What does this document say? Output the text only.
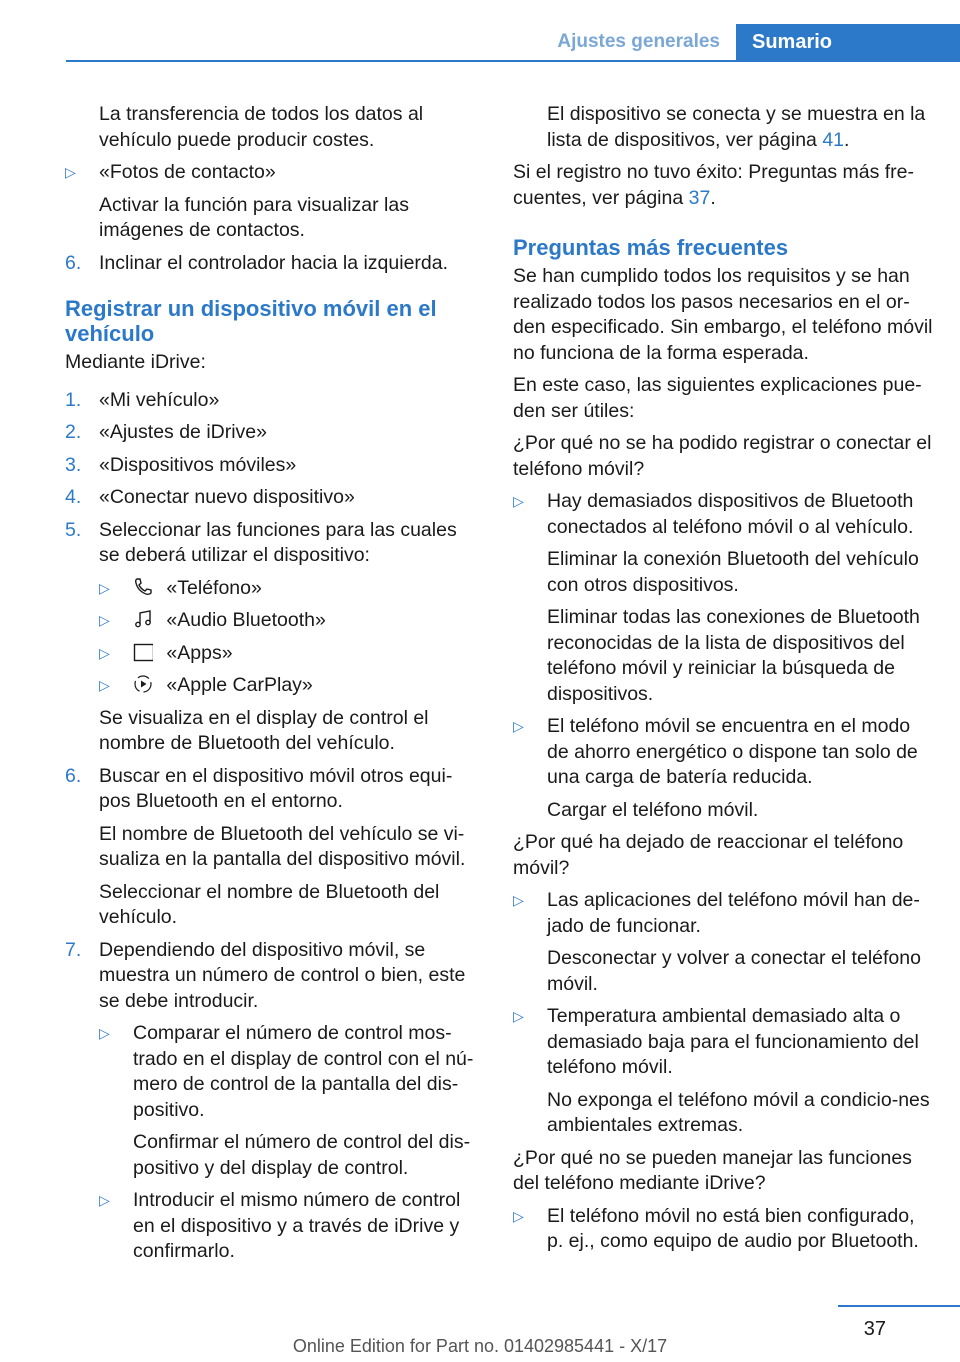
Ajustes generales	Sumario

La transferencia de todos los datos al vehículo puede producir costes.

▷ «Fotos de contacto»

Activar la función para visualizar las imágenes de contactos.

6. Inclinar el controlador hacia la izquierda.
Registrar un dispositivo móvil en el vehículo

Mediante iDrive:

1. «Mi vehículo»
2. «Ajustes de iDrive»
3. «Dispositivos móviles»
4. «Conectar nuevo dispositivo»
5. Seleccionar las funciones para las cuales se deberá utilizar el dispositivo:
▷	«Teléfono»
▷	«Audio Bluetooth»
▷	«Apps»
▷	«Apple CarPlay»

Se visualiza en el display de control el nombre de Bluetooth del vehículo.

6. Buscar en el dispositivo móvil otros equi‐pos Bluetooth en el entorno.

El nombre de Bluetooth del vehículo se vi‐sualiza en la pantalla del dispositivo móvil.

Seleccionar el nombre de Bluetooth del vehículo.

7. Dependiendo del dispositivo móvil, se muestra un número de control o bien, este se debe introducir.
▷ Comparar el número de control mos‐trado en el display de control con el nú‐mero de control de la pantalla del dis‐positivo.

Confirmar el número de control del dis‐positivo y del display de control.

▷ Introducir el mismo número de control en el dispositivo y a través de iDrive y confirmarlo.

El dispositivo se conecta y se muestra en la lista de dispositivos, ver página 41.

Si el registro no tuvo éxito: Preguntas más fre‐cuentes, ver página 37.

Preguntas más frecuentes

Se han cumplido todos los requisitos y se han realizado todos los pasos necesarios en el or‐den especificado. Sin embargo, el teléfono móvil no funciona de la forma esperada.

En este caso, las siguientes explicaciones pue‐den ser útiles:

¿Por qué no se ha podido registrar o conectar el teléfono móvil?

▷ Hay demasiados dispositivos de Bluetooth conectados al teléfono móvil o al vehículo.

Eliminar la conexión Bluetooth del vehículo con otros dispositivos.

Eliminar todas las conexiones de Bluetooth reconocidas de la lista de dispositivos del teléfono móvil y reiniciar la búsqueda de dispositivos.

▷ El teléfono móvil se encuentra en el modo de ahorro energético o dispone tan solo de una carga de batería reducida.

Cargar el teléfono móvil.

¿Por qué ha dejado de reaccionar el teléfono móvil?

▷ Las aplicaciones del teléfono móvil han de‐jado de funcionar.

Desconectar y volver a conectar el teléfono móvil.

▷ Temperatura ambiental demasiado alta o demasiado baja para el funcionamiento del teléfono móvil.

No exponga el teléfono móvil a condicio‐nes ambientales extremas.

¿Por qué no se pueden manejar las funciones del teléfono mediante iDrive?

▷ El teléfono móvil no está bien configurado, p. ej., como equipo de audio por Bluetooth.
37
Online Edition for Part no. 01402985441 - X/17
